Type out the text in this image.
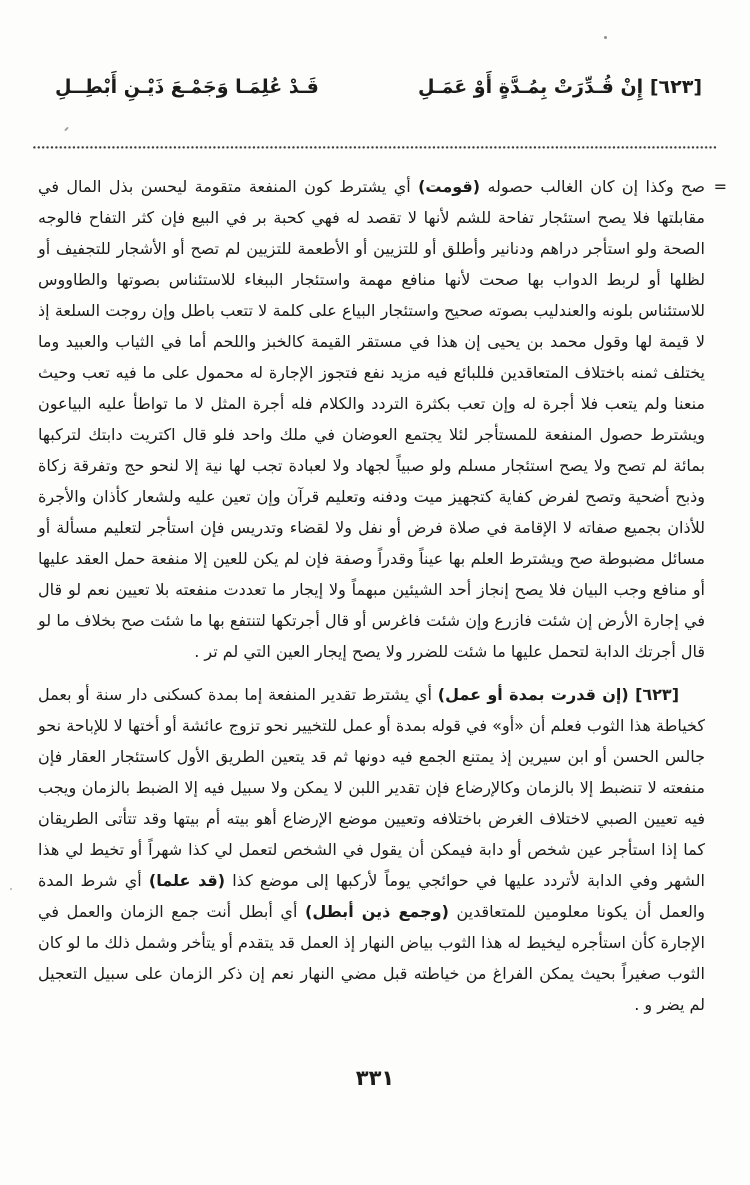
[٦٢٣] إِنْ قُـدِّرَتْ بِمُـدَّةٍ أَوْ عَمَـلِ
قَـدْ عُلِمَـا وَجَمْـعَ ذَيْـنِ أَبْطِــلِ
=
صح وكذا إن كان الغالب حصوله (قومت) أي يشترط كون المنفعة متقومة ليحسن بذل المال في مقابلتها فلا يصح استئجار تفاحة للشم لأنها لا تقصد له فهي كحبة بر في البيع فإن كثر التفاح فالوجه الصحة ولو استأجر دراهم ودنانير وأطلق أو للتزيين أو الأطعمة للتزيين لم تصح أو الأشجار للتجفيف أو لظلها أو لربط الدواب بها صحت لأنها منافع مهمة واستئجار الببغاء للاستئناس بصوتها والطاووس للاستئناس بلونه والعندليب بصوته صحيح واستئجار البياع على كلمة لا تتعب باطل وإن روجت السلعة إذ لا قيمة لها وقول محمد بن يحيى إن هذا في مستقر القيمة كالخبز واللحم أما في الثياب والعبيد وما يختلف ثمنه باختلاف المتعاقدين فللبائع فيه مزيد نفع فتجوز الإجارة له محمول على ما فيه تعب وحيث منعنا ولم يتعب فلا أجرة له وإن تعب بكثرة التردد والكلام فله أجرة المثل لا ما تواطأ عليه البياعون ويشترط حصول المنفعة للمستأجر لئلا يجتمع العوضان في ملك واحد فلو قال اكتريت دابتك لتركبها بمائة لم تصح ولا يصح استئجار مسلم ولو صبياً لجهاد ولا لعبادة تجب لها نية إلا لنحو حج وتفرقة زكاة وذبح أضحية وتصح لفرض كفاية كتجهيز ميت ودفنه وتعليم قرآن وإن تعين عليه ولشعار كأذان والأجرة للأذان بجميع صفاته لا الإقامة في صلاة فرض أو نفل ولا لقضاء وتدريس فإن استأجر لتعليم مسألة أو مسائل مضبوطة صح ويشترط العلم بها عيناً وقدراً وصفة فإن لم يكن للعين إلا منفعة حمل العقد عليها أو منافع وجب البيان فلا يصح إنجاز أحد الشيئين مبهماً ولا إيجار ما تعددت منفعته بلا تعيين نعم لو قال في إجارة الأرض إن شئت فازرع وإن شئت فاغرس أو قال أجرتكها لتنتفع بها ما شئت صح بخلاف ما لو قال أجرتك الدابة لتحمل عليها ما شئت للضرر ولا يصح إيجار العين التي لم تر .
[٦٢٣] (إن قدرت بمدة أو عمل) أي يشترط تقدير المنفعة إما بمدة كسكنى دار سنة أو بعمل كخياطة هذا الثوب فعلم أن «أو» في قوله بمدة أو عمل للتخيير نحو تزوج عائشة أو أختها لا للإباحة نحو جالس الحسن أو ابن سيرين إذ يمتنع الجمع فيه دونها ثم قد يتعين الطريق الأول كاستئجار العقار فإن منفعته لا تنضبط إلا بالزمان وكالإرضاع فإن تقدير اللبن لا يمكن ولا سبيل فيه إلا الضبط بالزمان ويجب فيه تعيين الصبي لاختلاف الغرض باختلافه وتعيين موضع الإرضاع أهو بيته أم بيتها وقد تتأتى الطريقان كما إذا استأجر عين شخص أو دابة فيمكن أن يقول في الشخص لتعمل لي كذا شهراً أو تخيط لي هذا الشهر وفي الدابة لأتردد عليها في حوائجي يوماً لأركبها إلى موضع كذا (قد علما) أي شرط المدة والعمل أن يكونا معلومين للمتعاقدين (وجمع ذين أبطل) أي أبطل أنت جمع الزمان والعمل في الإجارة كأن استأجره ليخيط له هذا الثوب بياض النهار إذ العمل قد يتقدم أو يتأخر وشمل ذلك ما لو كان الثوب صغيراً بحيث يمكن الفراغ من خياطته قبل مضي النهار نعم إن ذكر الزمان على سبيل التعجيل لم يضر و .
٣٣١
